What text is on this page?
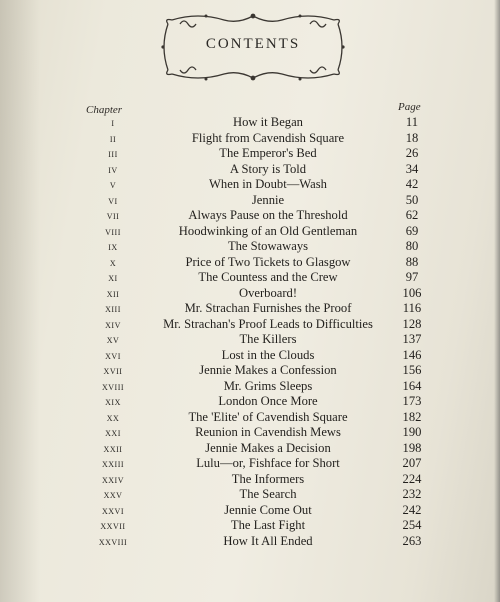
CONTENTS
Chapter	Page
I	How it Began	11
II	Flight from Cavendish Square	18
III	The Emperor's Bed	26
IV	A Story is Told	34
V	When in Doubt—Wash	42
VI	Jennie	50
VII	Always Pause on the Threshold	62
VIII	Hoodwinking of an Old Gentleman	69
IX	The Stowaways	80
X	Price of Two Tickets to Glasgow	88
XI	The Countess and the Crew	97
XII	Overboard!	106
XIII	Mr. Strachan Furnishes the Proof	116
XIV	Mr. Strachan's Proof Leads to Difficulties	128
XV	The Killers	137
XVI	Lost in the Clouds	146
XVII	Jennie Makes a Confession	156
XVIII	Mr. Grims Sleeps	164
XIX	London Once More	173
XX	The 'Elite' of Cavendish Square	182
XXI	Reunion in Cavendish Mews	190
XXII	Jennie Makes a Decision	198
XXIII	Lulu—or, Fishface for Short	207
XXIV	The Informers	224
XXV	The Search	232
XXVI	Jennie Come Out	242
XXVII	The Last Fight	254
XXVIII	How It All Ended	263
